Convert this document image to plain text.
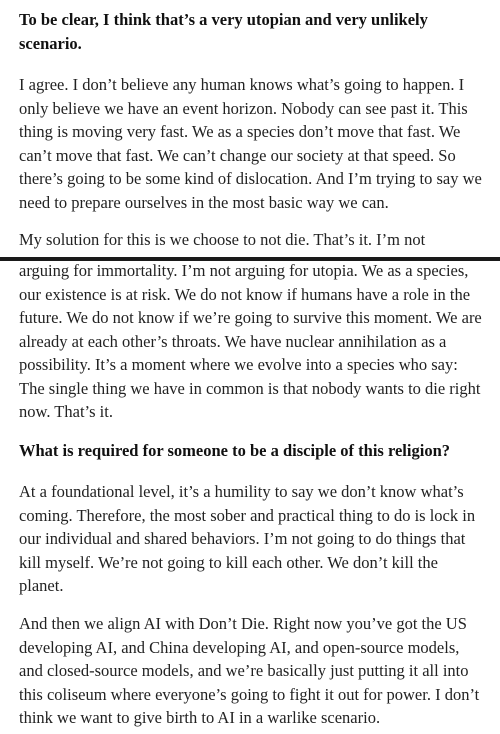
To be clear, I think that’s a very utopian and very unlikely scenario.

I agree. I don’t believe any human knows what’s going to happen. I only believe we have an event horizon. Nobody can see past it. This thing is moving very fast. We as a species don’t move that fast. We can’t move that fast. We can’t change our society at that speed. So there’s going to be some kind of dislocation. And I’m trying to say we need to prepare ourselves in the most basic way we can.

My solution for this is we choose to not die. That’s it. I’m not

arguing for immortality. I’m not arguing for utopia. We as a species, our existence is at risk. We do not know if humans have a role in the future. We do not know if we’re going to survive this moment. We are already at each other’s throats. We have nuclear annihilation as a possibility. It’s a moment where we evolve into a species who say: The single thing we have in common is that nobody wants to die right now. That’s it.

What is required for someone to be a disciple of this religion?

At a foundational level, it’s a humility to say we don’t know what’s coming. Therefore, the most sober and practical thing to do is lock in our individual and shared behaviors. I’m not going to do things that kill myself. We’re not going to kill each other. We don’t kill the planet.

And then we align AI with Don’t Die. Right now you’ve got the US developing AI, and China developing AI, and open-source models, and closed-source models, and we’re basically just putting it all into this coliseum where everyone’s going to fight it out for power. I don’t think we want to give birth to AI in a warlike scenario.
